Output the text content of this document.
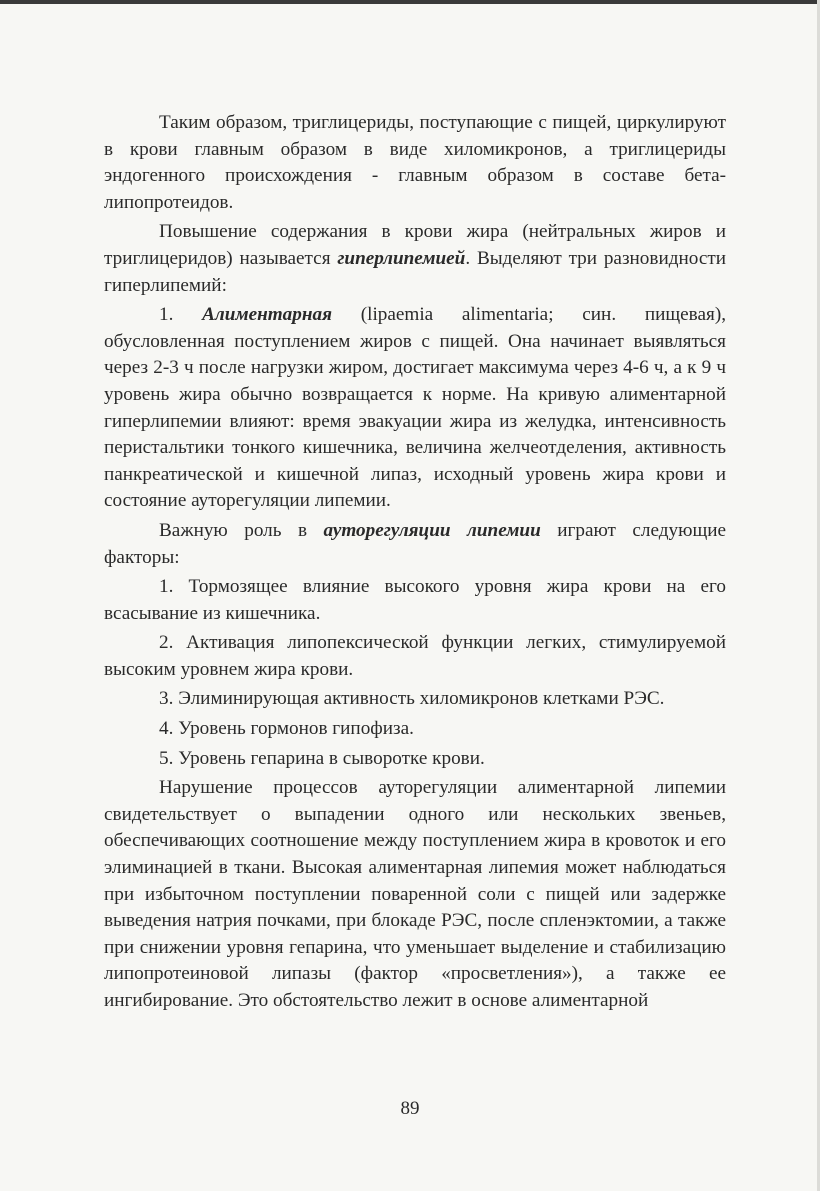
Таким образом, триглицериды, поступающие с пищей, циркулируют в крови главным образом в виде хиломикронов, а триглицериды эндогенного происхождения - главным образом в составе бета-липопротеидов.

Повышение содержания в крови жира (нейтральных жиров и триглицеридов) называется гиперлипемией. Выделяют три разновидности гиперлипемий:

1. Алиментарная (lipaemia alimentaria; син. пищевая), обусловленная поступлением жиров с пищей. Она начинает выявляться через 2-3 ч после нагрузки жиром, достигает максимума через 4-6 ч, а к 9 ч уровень жира обычно возвращается к норме. На кривую алиментарной гиперлипемии влияют: время эвакуации жира из желудка, интенсивность перистальтики тонкого кишечника, величина желчеотделения, активность панкреатической и кишечной липаз, исходный уровень жира крови и состояние ауторегуляции липемии.

Важную роль в ауторегуляции липемии играют следующие факторы:

1. Тормозящее влияние высокого уровня жира крови на его всасывание из кишечника.

2. Активация липопексической функции легких, стимулируемой высоким уровнем жира крови.

3. Элиминирующая активность хиломикронов клетками РЭС.

4. Уровень гормонов гипофиза.

5. Уровень гепарина в сыворотке крови.

Нарушение процессов ауторегуляции алиментарной липемии свидетельствует о выпадении одного или нескольких звеньев, обеспечивающих соотношение между поступлением жира в кровоток и его элиминацией в ткани. Высокая алиментарная липемия может наблюдаться при избыточном поступлении поваренной соли с пищей или задержке выведения натрия почками, при блокаде РЭС, после спленэктомии, а также при снижении уровня гепарина, что уменьшает выделение и стабилизацию липопротеиновой липазы (фактор «просветления»), а также ее ингибирование. Это обстоятельство лежит в основе алиментарной

89
